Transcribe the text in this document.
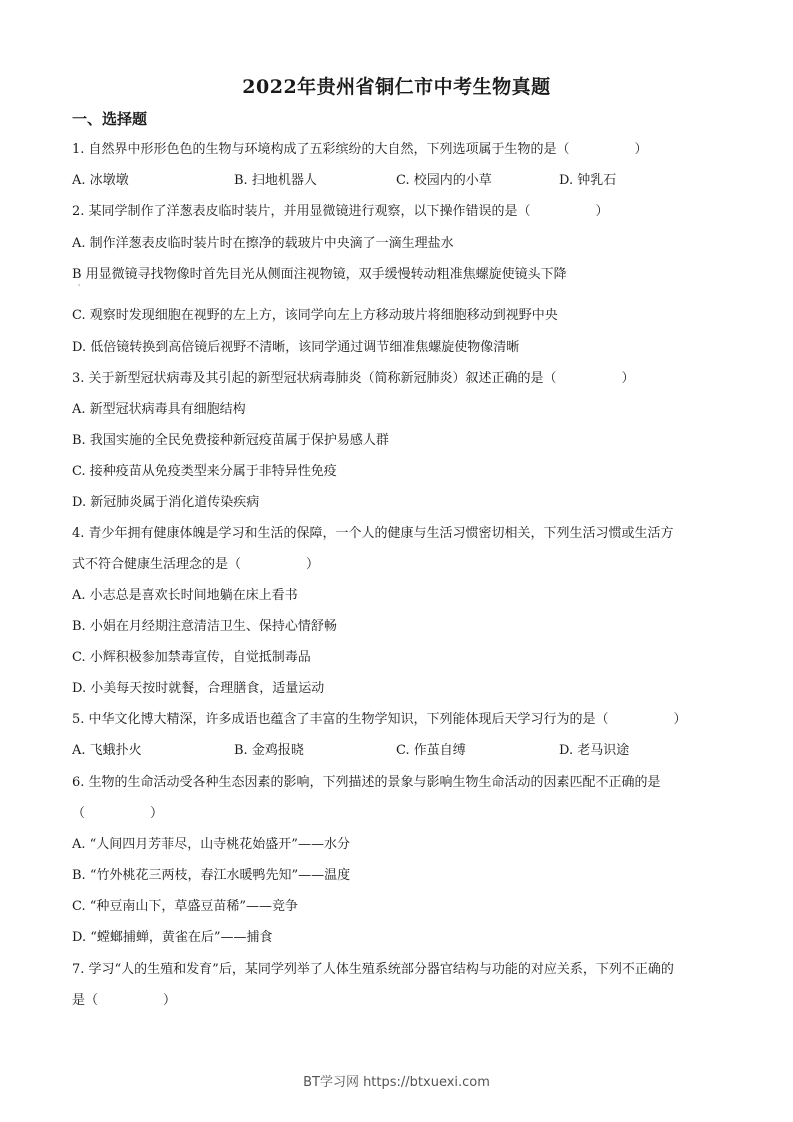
2022年贵州省铜仁市中考生物真题
一、选择题
1. 自然界中形形色色的生物与环境构成了五彩缤纷的大自然，下列选项属于生物的是（　　　　　）
A. 冰墩墩	B. 扫地机器人	C. 校园内的小草	D. 钟乳石
2. 某同学制作了洋葱表皮临时装片，并用显微镜进行观察，以下操作错误的是（　　　　　）
A. 制作洋葱表皮临时装片时在擦净的载玻片中央滴了一滴生理盐水
B 用显微镜寻找物像时首先目光从侧面注视物镜，双手缓慢转动粗准焦螺旋使镜头下降
'
C. 观察时发现细胞在视野的左上方，该同学向左上方移动玻片将细胞移动到视野中央
D. 低倍镜转换到高倍镜后视野不清晰，该同学通过调节细准焦螺旋使物像清晰
3. 关于新型冠状病毒及其引起的新型冠状病毒肺炎（简称新冠肺炎）叙述正确的是（　　　　　）
A. 新型冠状病毒具有细胞结构
B. 我国实施的全民免费接种新冠疫苗属于保护易感人群
C. 接种疫苗从免疫类型来分属于非特异性免疫
D. 新冠肺炎属于消化道传染疾病
4. 青少年拥有健康体魄是学习和生活的保障，一个人的健康与生活习惯密切相关，下列生活习惯或生活方
式不符合健康生活理念的是（　　　　　）
A. 小志总是喜欢长时间地躺在床上看书
B. 小娟在月经期注意清洁卫生、保持心情舒畅
C. 小辉积极参加禁毒宣传，自觉抵制毒品
D. 小美每天按时就餐，合理膳食，适量运动
5. 中华文化博大精深，许多成语也蕴含了丰富的生物学知识，下列能体现后天学习行为的是（　　　　　）
A. 飞蛾扑火	B. 金鸡报晓	C. 作茧自缚	D. 老马识途
6. 生物的生命活动受各种生态因素的影响，下列描述的景象与影响生物生命活动的因素匹配不正确的是
（　　　　　）
A. “人间四月芳菲尽，山寺桃花始盛开”——水分
B. “竹外桃花三两枝，春江水暖鸭先知”——温度
C. “种豆南山下，草盛豆苗稀”——竞争
D. “螳螂捕蝉，黄雀在后”——捕食
7. 学习“人的生殖和发育”后，某同学列举了人体生殖系统部分器官结构与功能的对应关系，下列不正确的
是（　　　　　）
BT学习网 https://btxuexi.com
